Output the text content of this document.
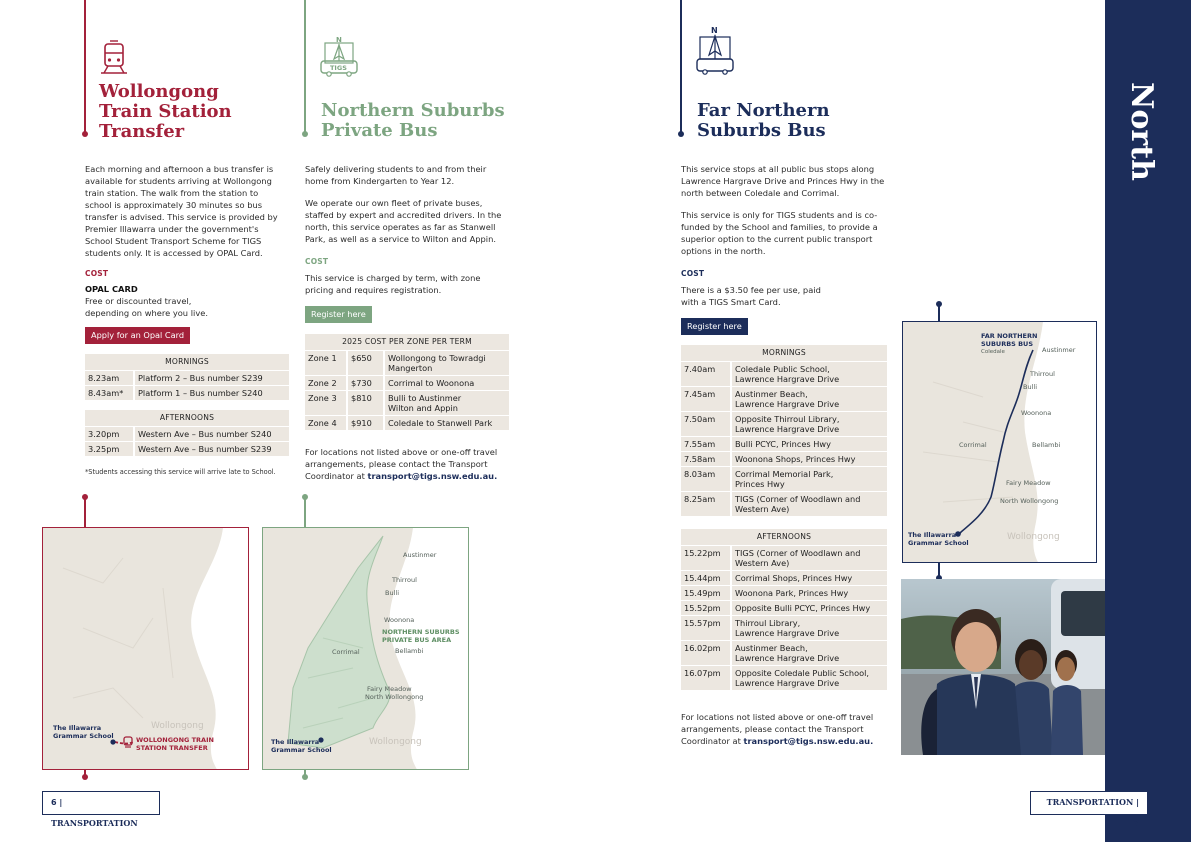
Wollongong
Train Station
Transfer
Each morning and afternoon a bus transfer is available for students arriving at Wollongong train station. The walk from the station to school is approximately 30 minutes so bus transfer is advised. This service is provided by Premier Illawarra under the government's School Student Transport Scheme for TIGS students only. It is accessed by OPAL Card.
COST
OPAL CARD
Free or discounted travel, depending on where you live.
Apply for an Opal Card
MORNINGS	
8.23am	Platform 2 – Bus number S239
8.43am*	Platform 1 – Bus number S240
AFTERNOONS	
3.20pm	Western Ave – Bus number S240
3.25pm	Western Ave – Bus number S239
*Students accessing this service will arrive late to School.
Wollongong
The Illawarra
Grammar School	WOLLONGONG TRAIN
STATION TRANSFER
N
TIGS
Northern Suburbs
Private Bus
Safely delivering students to and from their home from Kindergarten to Year 12.
We operate our own fleet of private buses, staffed by expert and accredited drivers. In the north, this service operates as far as Stanwell Park, as well as a service to Wilton and Appin.
COST
This service is charged by term, with zone pricing and requires registration.
Register here
2025 COST PER ZONE PER TERM		
Zone 1	$650	Wollongong to Towradgi
Mangerton
Zone 2	$730	Corrimal to Woonona
Zone 3	$810	Bulli to Austinmer
Wilton and Appin
Zone 4	$910	Coledale to Stanwell Park
For locations not listed above or one-off travel arrangements, please contact the Transport Coordinator at transport@tigs.nsw.edu.au.
Austinmer
Thirroul
Bulli
Woonona
Corrimal	Bellambi
Fairy Meadow
North Wollongong
NORTHERN SUBURBS
PRIVATE BUS AREA
The Illawarra
Grammar School
Wollongong
6 | TRANSPORTATION
N
Far Northern
Suburbs Bus
This service stops at all public bus stops along Lawrence Hargrave Drive and Princes Hwy in the north between Coledale and Corrimal.
This service is only for TIGS students and is co-funded by the School and families, to provide a superior option to the current public transport options in the north.
COST
There is a $3.50 fee per use, paid with a TIGS Smart Card.
Register here
MORNINGS	
7.40am	Coledale Public School,
Lawrence Hargrave Drive
7.45am	Austinmer Beach,
Lawrence Hargrave Drive
7.50am	Opposite Thirroul Library,
Lawrence Hargrave Drive
7.55am	Bulli PCYC, Princes Hwy
7.58am	Woonona Shops, Princes Hwy
8.03am	Corrimal Memorial Park,
Princes Hwy
8.25am	TIGS (Corner of Woodlawn and
Western Ave)
AFTERNOONS	
15.22pm	TIGS (Corner of Woodlawn and
Western Ave)
15.44pm	Corrimal Shops, Princes Hwy
15.49pm	Woonona Park, Princes Hwy
15.52pm	Opposite Bulli PCYC, Princes Hwy
15.57pm	Thirroul Library,
Lawrence Hargrave Drive
16.02pm	Austinmer Beach,
Lawrence Hargrave Drive
16.07pm	Opposite Coledale Public School,
Lawrence Hargrave Drive
For locations not listed above or one-off travel arrangements, please contact the Transport Coordinator at transport@tigs.nsw.edu.au.
FAR NORTHERN
SUBURBS BUS
Coledale	Austinmer
Thirroul
Bulli
Woonona
Corrimal	Bellambi
Fairy Meadow
North Wollongong
The Illawarra
Grammar School
Wollongong
North
TRANSPORTATION | 7
